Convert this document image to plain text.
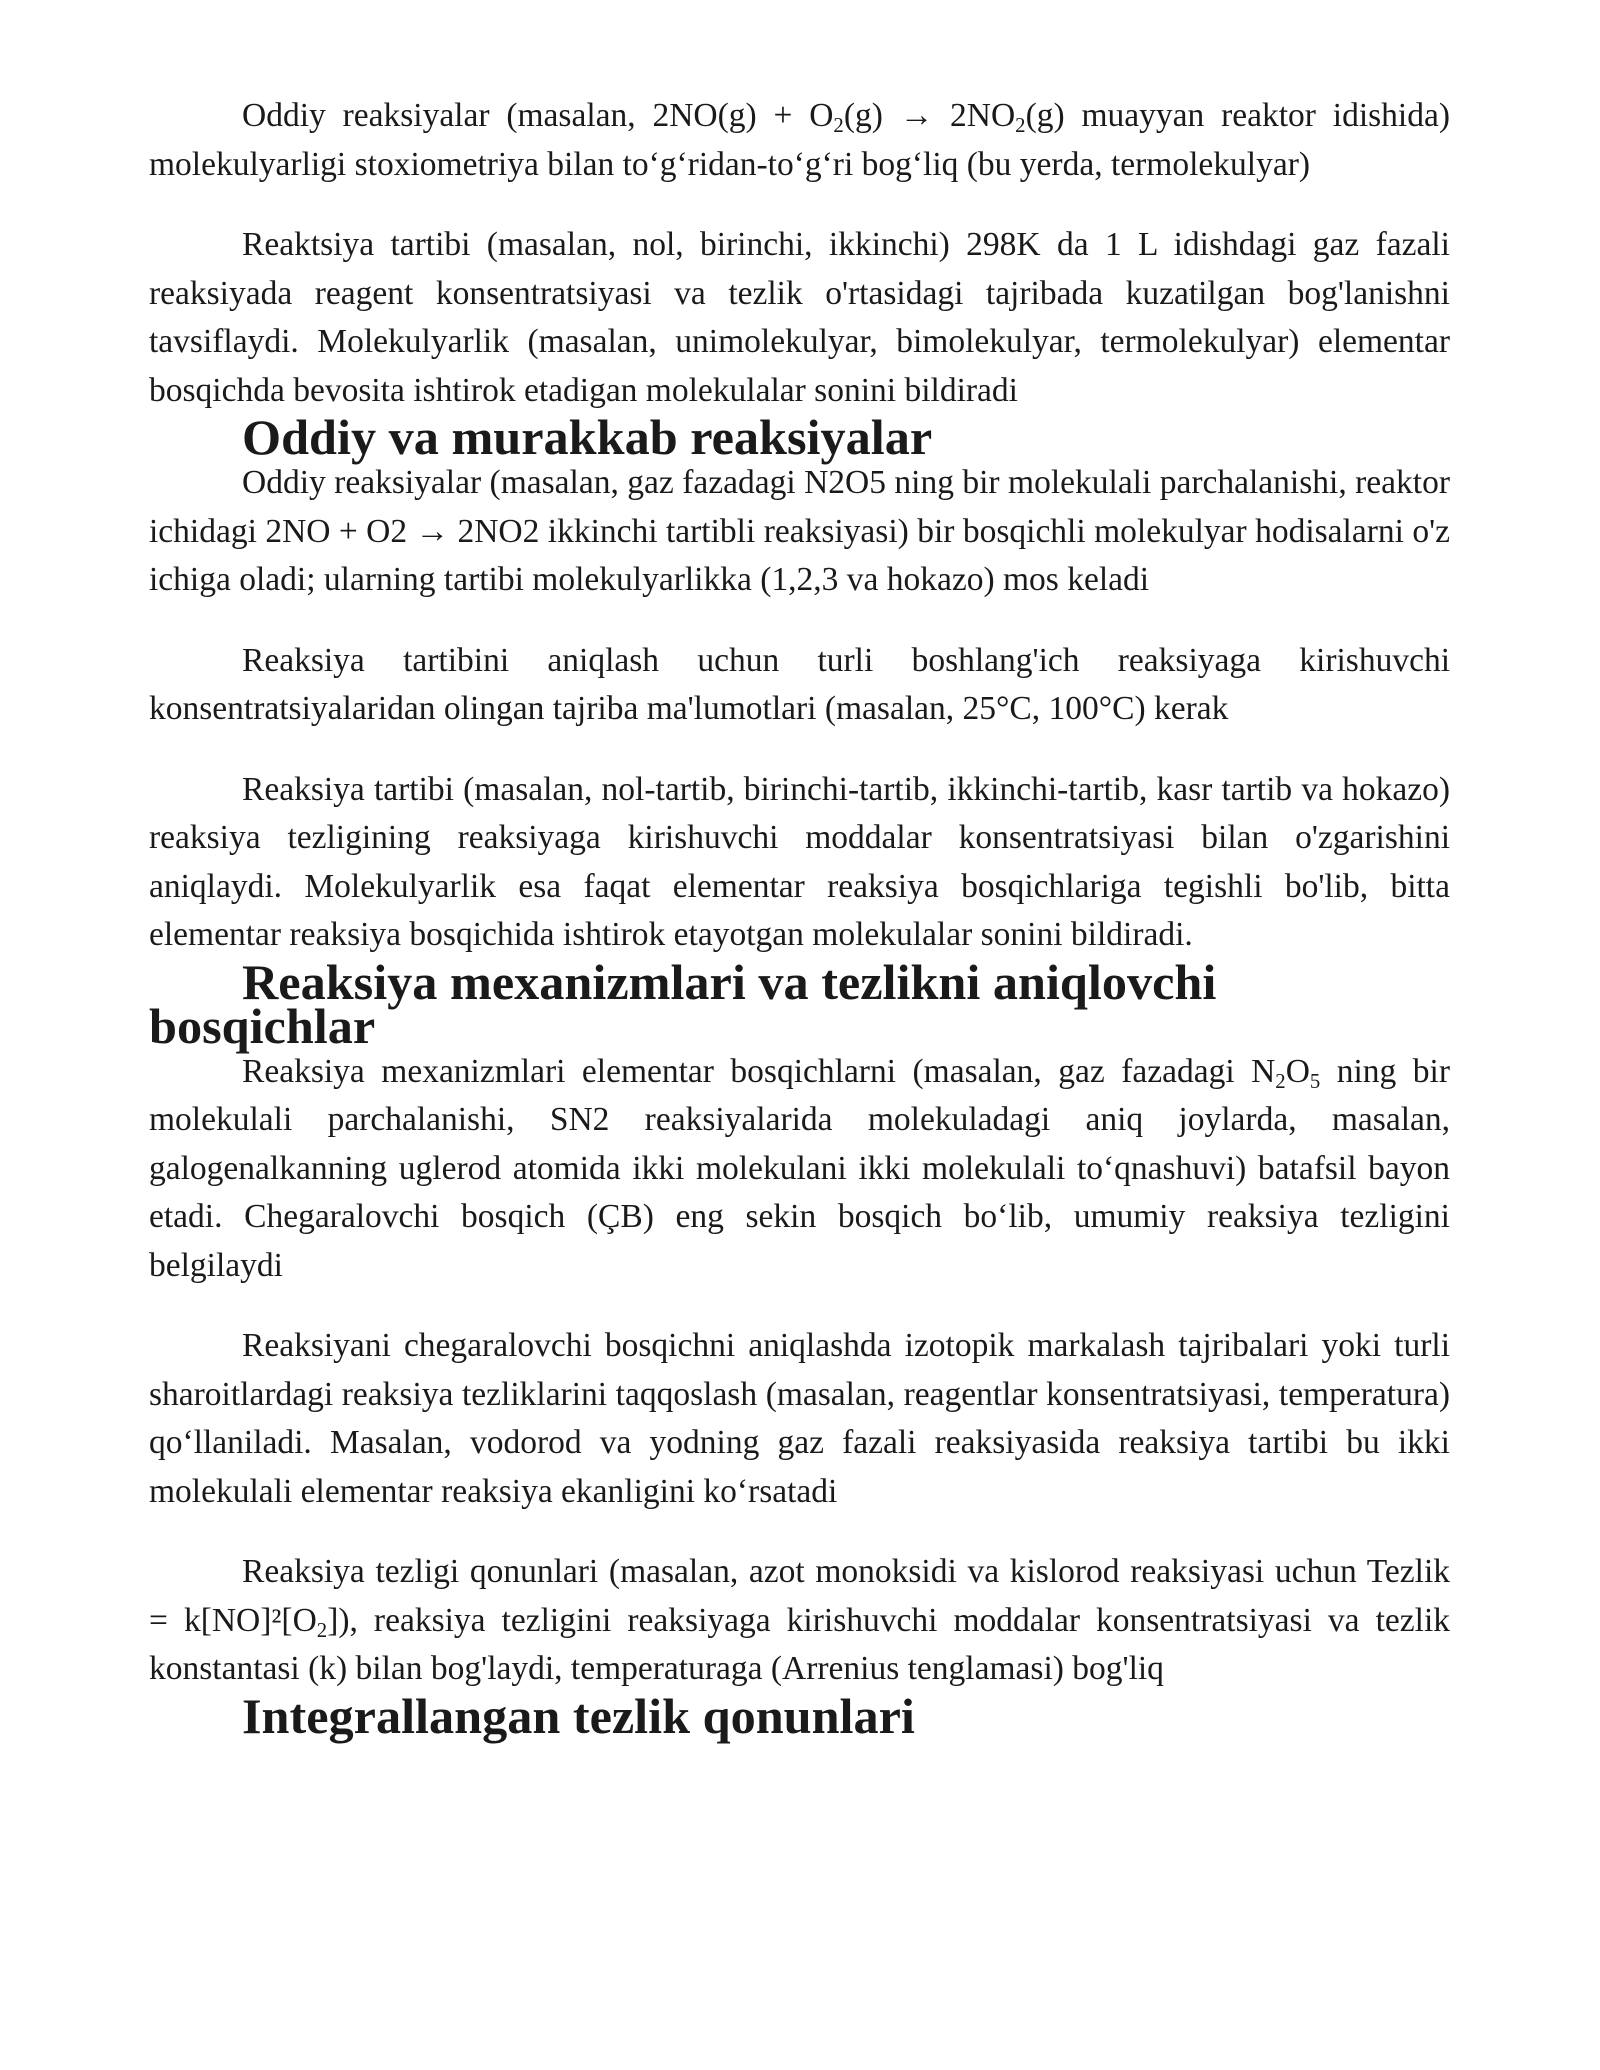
Oddiy reaksiyalar (masalan, $2NO(g) + O_2(g) \to 2NO_2(g)$ muayyan reaktor idishida) molekulyarligi stoxiometriya bilan to‘g‘ridan-to‘g‘ri bog‘liq (bu yerda, termolekulyar)

Reaktsiya tartibi (masalan, nol, birinchi, ikkinchi) 298K da 1 L idishdagi gaz fazali reaksiyada reagent konsentratsiyasi va tezlik o'rtasidagi tajribada kuzatilgan bog'lanishni tavsiflaydi. Molekulyarlik (masalan, unimolekulyar, bimolekulyar, termolekulyar) elementar bosqichda bevosita ishtirok etadigan molekulalar sonini bildiradi

Oddiy va murakkab reaksiyalar

Oddiy reaksiyalar (masalan, gaz fazadagi N2O5 ning bir molekulali parchalanishi, reaktor ichidagi 2NO + O2 → 2NO2 ikkinchi tartibli reaksiyasi) bir bosqichli molekulyar hodisalarni o'z ichiga oladi; ularning tartibi molekulyarlikka (1,2,3 va hokazo) mos keladi

Reaksiya tartibini aniqlash uchun turli boshlang'ich reaksiyaga kirishuvchi konsentratsiyalaridan olingan tajriba ma'lumotlari (masalan, 25°C, 100°C) kerak

Reaksiya tartibi (masalan, nol-tartib, birinchi-tartib, ikkinchi-tartib, kasr tartib va hokazo) reaksiya tezligining reaksiyaga kirishuvchi moddalar konsentratsiyasi bilan o'zgarishini aniqlaydi. Molekulyarlik esa faqat elementar reaksiya bosqichlariga tegishli bo'lib, bitta elementar reaksiya bosqichida ishtirok etayotgan molekulalar sonini bildiradi.

Reaksiya mexanizmlari va tezlikni aniqlovchi bosqichlar

Reaksiya mexanizmlari elementar bosqichlarni (masalan, gaz fazadagi $N_2O_5$ ning bir molekulali parchalanishi, SN2 reaksiyalarida molekuladagi aniq joylarda, masalan, galogenalkanning uglerod atomida ikki molekulani ikki molekulali to‘qnashuvi) batafsil bayon etadi. Chegaralovchi bosqich (ÇB) eng sekin bosqich bo‘lib, umumiy reaksiya tezligini belgilaydi

Reaksiyani chegaralovchi bosqichni aniqlashda izotopik markalash tajribalari yoki turli sharoitlardagi reaksiya tezliklarini taqqoslash (masalan, reagentlar konsentratsiyasi, temperatura) qo‘llaniladi. Masalan, vodorod va yodning gaz fazali reaksiyasida reaksiya tartibi bu ikki molekulali elementar reaksiya ekanligini ko‘rsatadi

Reaksiya tezligi qonunlari (masalan, azot monoksidi va kislorod reaksiyasi uchun Tezlik = $k[NO]^2[O_2]$), reaksiya tezligini reaksiyaga kirishuvchi moddalar konsentratsiyasi va tezlik konstantasi (k) bilan bog'laydi, temperaturaga (Arrenius tenglamasi) bog'liq

Integrallangan tezlik qonunlari
